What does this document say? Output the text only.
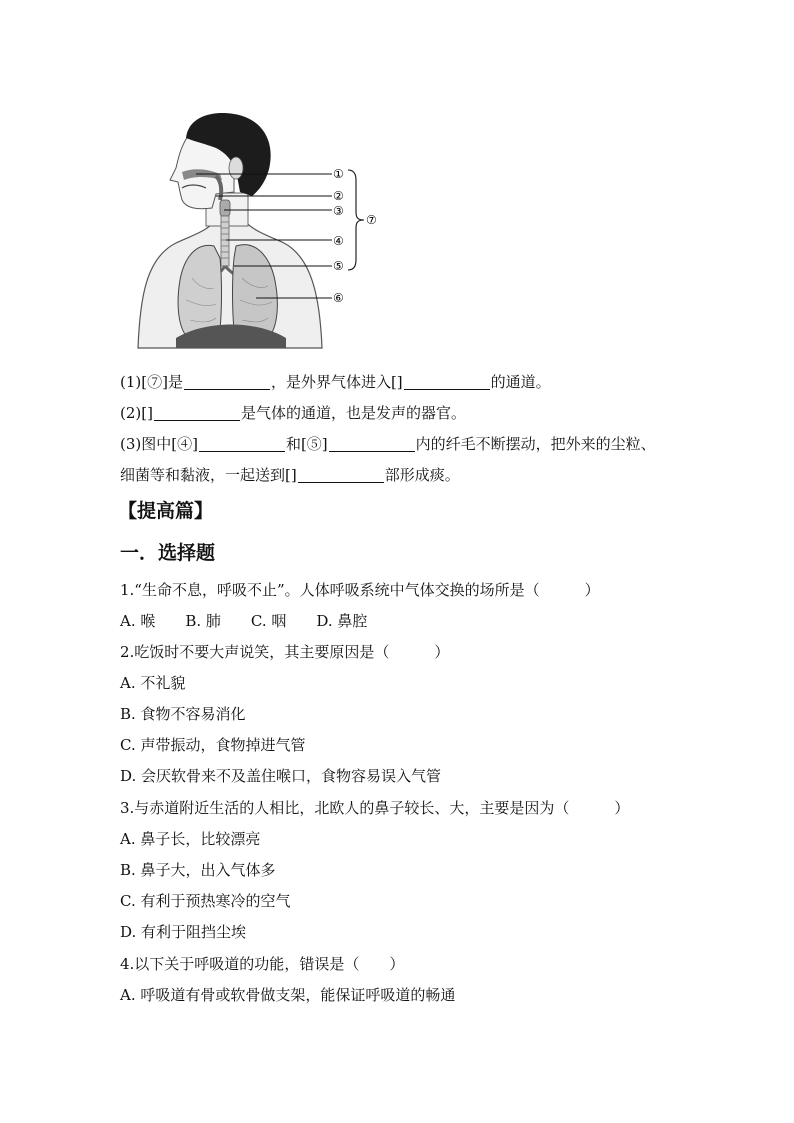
①
②
③
④
⑤
⑥
⑦
(1)[⑦]是	，是外界气体进入[]	的通道。
(2)[]	是气体的通道，也是发声的器官。
(3)图中[④]	和[⑤]	内的纤毛不断摆动，把外来的尘粒、
细菌等和黏液，一起送到[]	部形成痰。
【提高篇】
一．选择题
1.“生命不息，呼吸不止”。人体呼吸系统中气体交换的场所是（　　　）
A. 喉　　B. 肺　　C. 咽　　D. 鼻腔
2.吃饭时不要大声说笑，其主要原因是（　　　）
A. 不礼貌
B. 食物不容易消化
C. 声带振动，食物掉进气管
D. 会厌软骨来不及盖住喉口，食物容易误入气管
3.与赤道附近生活的人相比，北欧人的鼻子较长、大，主要是因为（　　　）
A. 鼻子长，比较漂亮
B. 鼻子大，出入气体多
C. 有利于预热寒冷的空气
D. 有利于阻挡尘埃
4.以下关于呼吸道的功能，错误是（　　）
A. 呼吸道有骨或软骨做支架，能保证呼吸道的畅通
